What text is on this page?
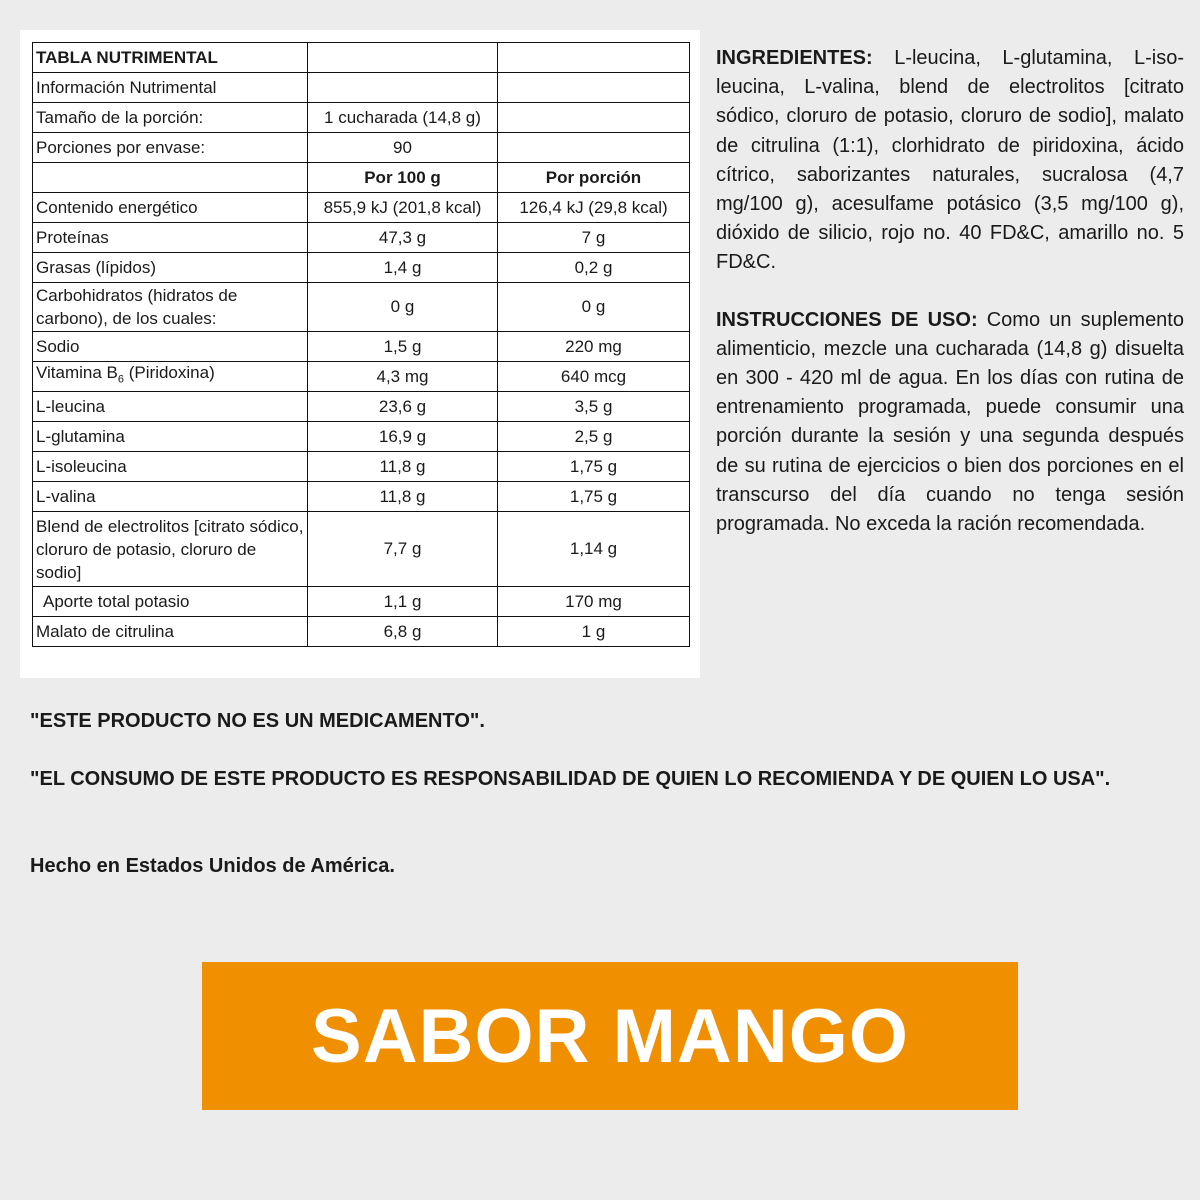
TABLA NUTRIMENTAL		
Información Nutrimental		
Tamaño de la porción:	1 cucharada (14,8 g)	
Porciones por envase:	90	
	Por 100 g	Por porción
Contenido energético	855,9 kJ (201,8 kcal)	126,4 kJ (29,8 kcal)
Proteínas	47,3 g	7 g
Grasas (lípidos)	1,4 g	0,2 g
Carbohidratos (hidratos de carbono), de los cuales:	0 g	0 g
Sodio	1,5 g	220 mg
Vitamina $B_6$ (Piridoxina)	4,3 mg	640 mcg
L-leucina	23,6 g	3,5 g
L-glutamina	16,9 g	2,5 g
L-isoleucina	11,8 g	1,75 g
L-valina	11,8 g	1,75 g
Blend de electrolitos [citrato sódico, cloruro de potasio, cloruro de sodio]	7,7 g	1,14 g
Aporte total potasio	1,1 g	170 mg
Malato de citrulina	6,8 g	1 g

INGREDIENTES: L-leucina, L-glutamina, L-isoleucina, L-valina, blend de electrolitos [citrato sódico, cloruro de potasio, cloruro de sodio], malato de citrulina (1:1), clorhidrato de piridoxina, ácido cítrico, saborizantes naturales, sucralosa (4,7 mg/100 g), acesulfame potásico (3,5 mg/100 g), dióxido de silicio, rojo no. 40 FD&C, amarillo no. 5 FD&C.

INSTRUCCIONES DE USO: Como un suplemento alimenticio, mezcle una cucharada (14,8 g) disuelta en 300 - 420 ml de agua. En los días con rutina de entrenamiento programada, puede consumir una porción durante la sesión y una segunda después de su rutina de ejercicios o bien dos porciones en el transcurso del día cuando no tenga sesión programada. No exceda la ración recomendada.

"ESTE PRODUCTO NO ES UN MEDICAMENTO".

"EL CONSUMO DE ESTE PRODUCTO ES RESPONSABILIDAD DE QUIEN LO RECOMIENDA Y DE QUIEN LO USA".

Hecho en Estados Unidos de América.

SABOR MANGO
